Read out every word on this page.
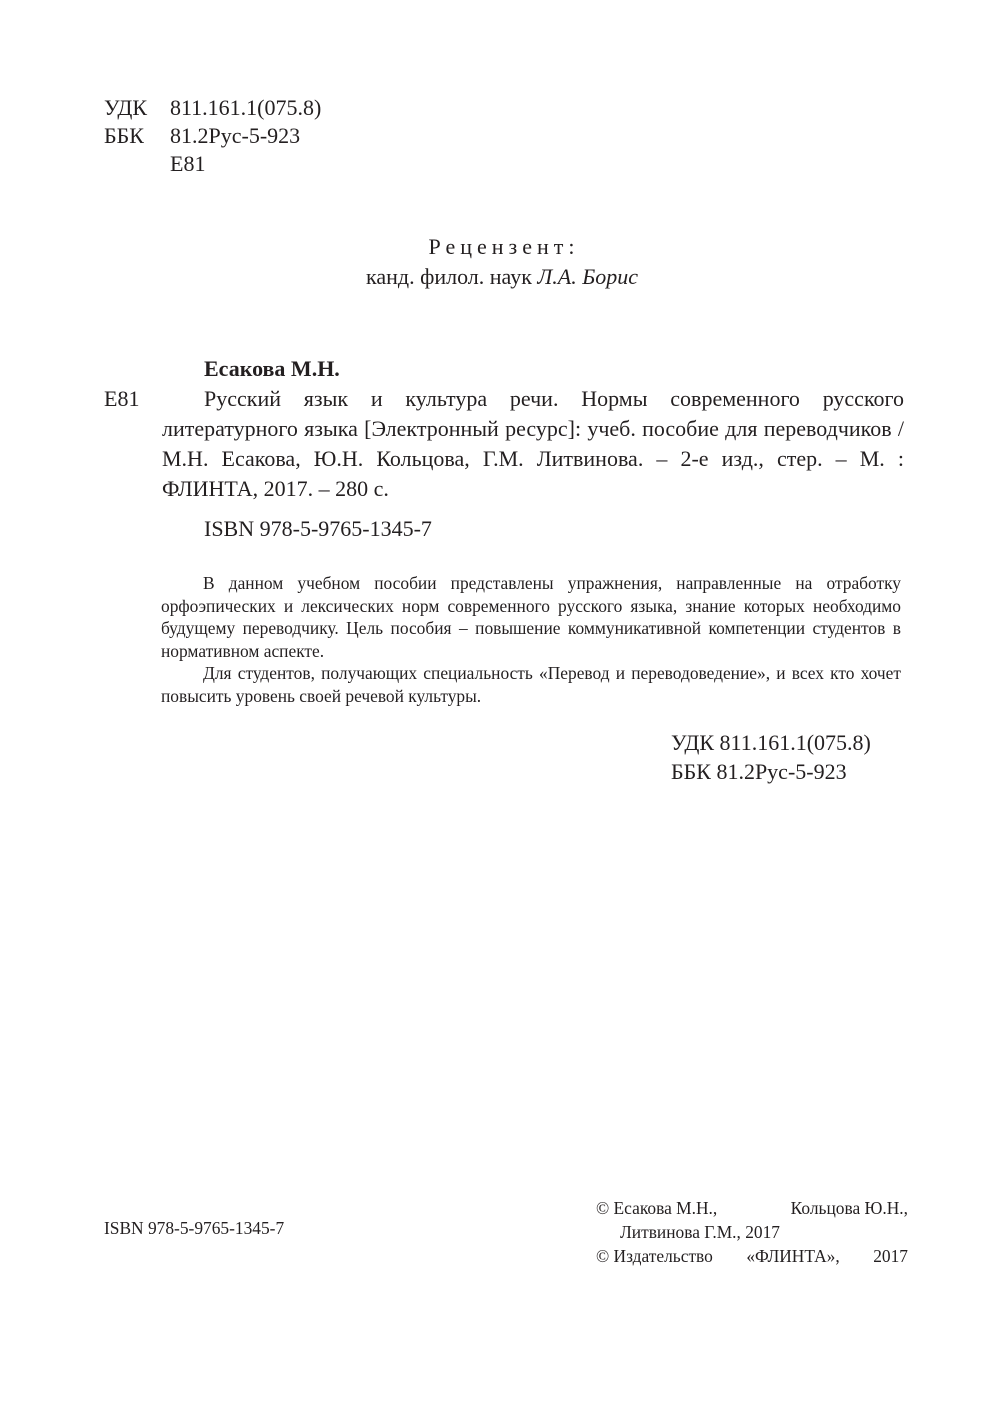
УДК 811.161.1(075.8)
ББК 81.2Рус-5-923
Е81
Рецензент:
канд. филол. наук Л.А. Борис
Есакова М.Н.
Е81	Русский язык и культура речи. Нормы современного русского литературного языка [Электронный ресурс]: учеб. пособие для переводчиков / М.Н. Есакова, Ю.Н. Кольцова, Г.М. Литвинова. – 2-е изд., стер. – М. : ФЛИНТА, 2017. – 280 с.
ISBN 978-5-9765-1345-7

В данном учебном пособии представлены упражнения, направленные на отработку орфоэпических и лексических норм современного русского языка, знание которых необходимо будущему переводчику. Цель пособия – повышение коммуникативной компетенции студентов в нормативном аспекте.

Для студентов, получающих специальность «Перевод и переводоведение», и всех кто хочет повысить уровень своей речевой культуры.

УДК 811.161.1(075.8)
ББК 81.2Рус-5-923
ISBN 978-5-9765-1345-7
© Есакова М.Н.,	Кольцова Ю.Н.,
Литвинова Г.М., 2017
© Издательство «ФЛИНТА», 2017
